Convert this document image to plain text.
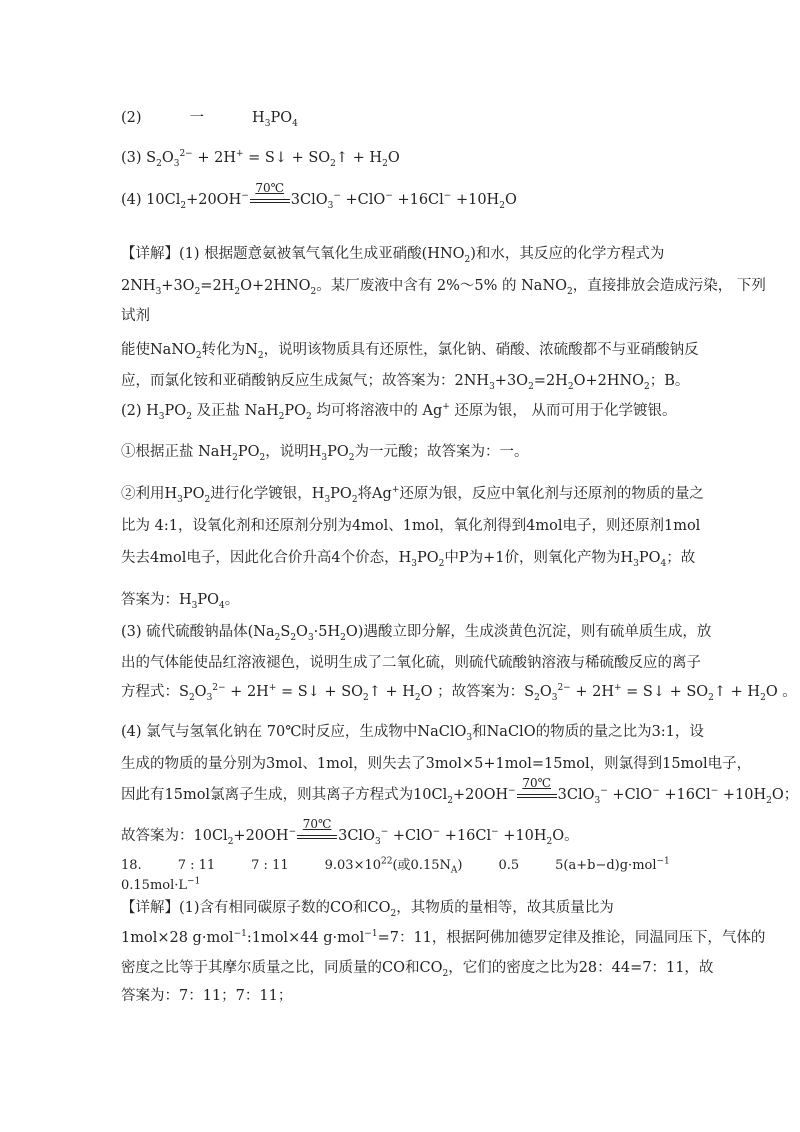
(2)	一	$H_3PO_4$
(3) $S_2O_3^{2-} + 2H^+$ = S↓ + $SO_2↑ + H_2O$
(4) $10Cl_2+20OH^-$
70℃
$3ClO_3^- +ClO^- +16Cl^- +10H_2O$
【详解】(1) 根据题意氨被氧气氧化生成亚硝酸$(HNO_2)$和水，其反应的化学方程式为
$2NH_3+3O_2=2H_2O+2HNO_2$。某厂废液中含有 2%～5% 的 NaNO$_2$，直接排放会造成污染， 下列
试剂
能使NaNO$_2$转化为$N_2$，说明该物质具有还原性，氯化钠、硝酸、浓硫酸都不与亚硝酸钠反
应，而氯化铵和亚硝酸钠反应生成氮气；故答案为：$2NH_3+3O_2=2H_2O+2HNO_2$；B。
(2) $H_3PO_2$ 及正盐 $NaH_2PO_2$ 均可将溶液中的 Ag+ 还原为银， 从而可用于化学镀银。
①根据正盐 $NaH_2PO_2$，说明$H_3PO_2$为一元酸；故答案为：一。
②利用$H_3PO_2$进行化学镀银，$H_3PO_2$将Ag+还原为银，反应中氧化剂与还原剂的物质的量之
比为 4:1，设氧化剂和还原剂分别为4mol、1mol，氧化剂得到4mol电子，则还原剂1mol
失去4mol电子，因此化合价升高4个价态，$H_3PO_2$中P为+1价，则氧化产物为$H_3PO_4$；故
答案为：$H_3PO_4$。
(3) 硫代硫酸钠晶体$(Na_2S_2O_3\cdot 5H_2O)$遇酸立即分解，生成淡黄色沉淀，则有硫单质生成，放
出的气体能使品红溶液褪色，说明生成了二氧化硫，则硫代硫酸钠溶液与稀硫酸反应的离子
方程式：$S_2O_3^{2-} + 2H^+$ = S↓ + $SO_2↑ + H_2O$ ；故答案为：$S_2O_3^{2-} + 2H^+$ = S↓ + $SO_2↑ + H_2O$ 。
(4) 氯气与氢氧化钠在 70℃时反应，生成物中NaClO$_3$和NaClO的物质的量之比为3:1，设
生成的物质的量分别为3mol、1mol，则失去了3mol×5+1mol=15mol，则氯得到15mol电子，
因此有15mol氯离子生成，则其离子方程式为$10Cl_2+20OH^-$
70℃
$3ClO_3^- +ClO^- +16Cl^- +10H_2O$；
故答案为：$10Cl_2+20OH^-$
70℃
$3ClO_3^- +ClO^- +16Cl^- +10H_2O$。
18.	7 : 11	7 : 11	$9.03\times 10^{22}$(或$0.15N_A$)	0.5	5(a+b−d)g·mol$^{-1}$
$0.15mol\cdot L^{-1}$
【详解】(1)含有相同碳原子数的CO和$CO_2$，其物质的量相等，故其质量比为
1mol×28 g·mol$^{-1}$:1mol×44 g·mol$^{-1}$=7：11，根据阿佛加德罗定律及推论，同温同压下，气体的
密度之比等于其摩尔质量之比，同质量的CO和$CO_2$，它们的密度之比为28：44=7：11，故
答案为：7：11；7：11；
